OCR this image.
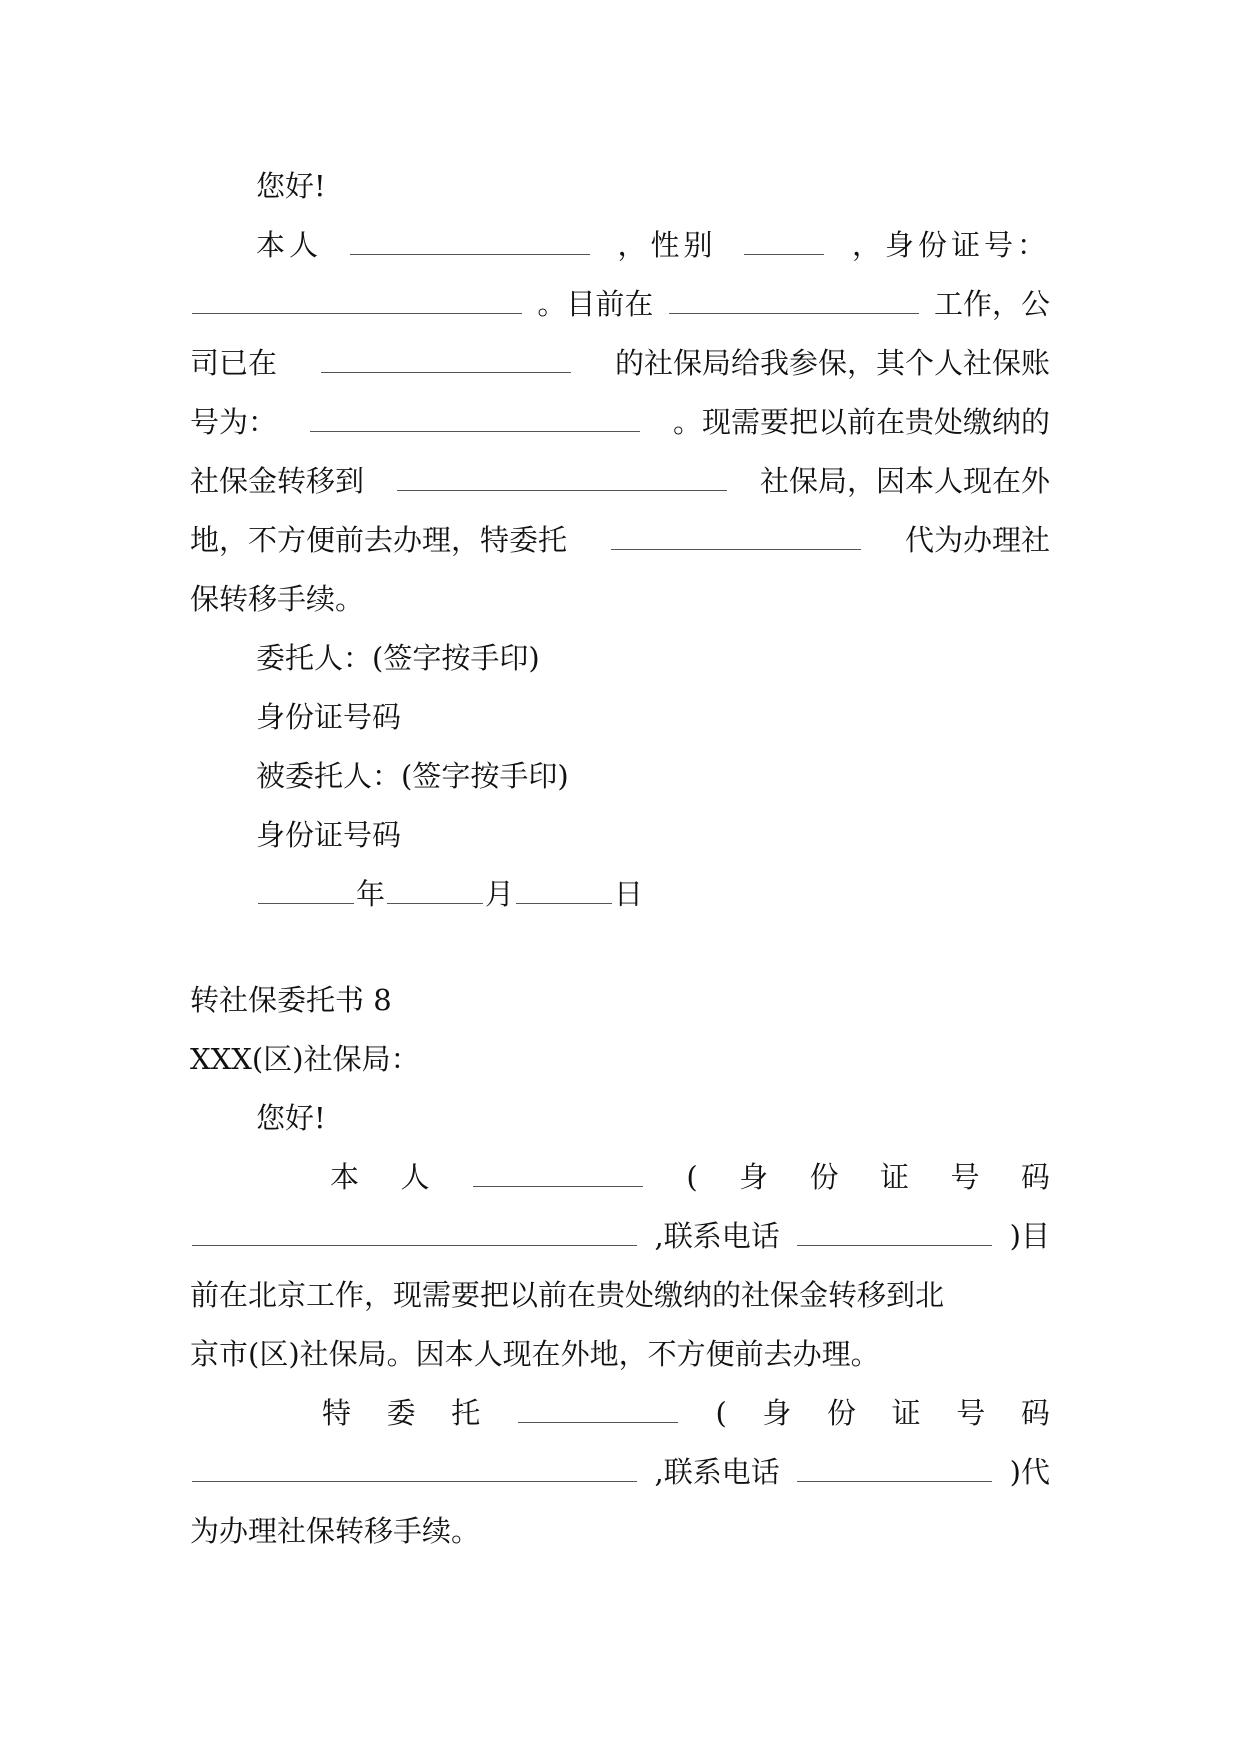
您好!
本人	，性别	，身份证号：
。目前在	工作，公
司已在	的社保局给我参保，其个人社保账
号为：	。现需要把以前在贵处缴纳的
社保金转移到	社保局，因本人现在外
地，不方便前去办理，特委托	代为办理社
保转移手续。
委托人：(签字按手印)
身份证号码
被委托人：(签字按手印)
身份证号码
年	月	日
转社保委托书 8
XXX(区)社保局：
您好!
本 人	( 身 份 证 号 码
,联系电话	)目
前在北京工作，现需要把以前在贵处缴纳的社保金转移到北
京市(区)社保局。因本人现在外地，不方便前去办理。
特 委 托	( 身 份 证 号 码
,联系电话	)代
为办理社保转移手续。
